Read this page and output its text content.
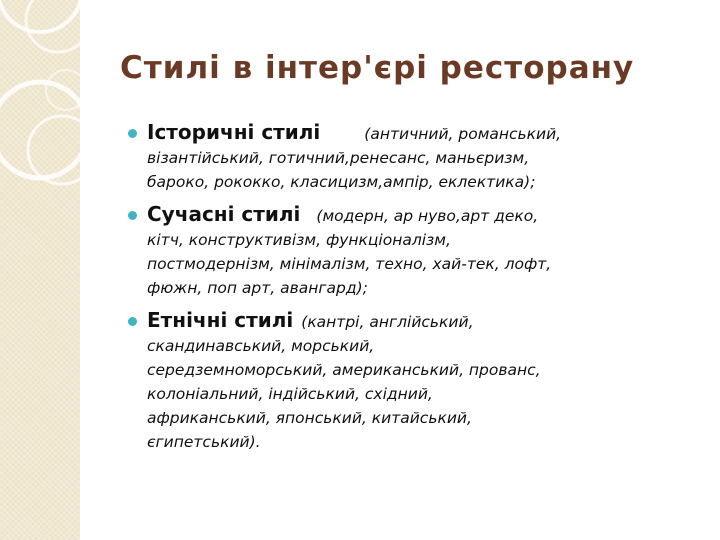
Стилі в інтер'єрі ресторану
Історичні стилі	(античний, романський,
візантійський, готичний,ренесанс, маньєризм,
бароко, рококко, класицизм,ампір, еклектика);
Сучасні стилі (модерн, ар нуво,арт деко,
кітч, конструктивізм, функціоналізм,
постмодернізм, мінімалізм, техно, хай-тек, лофт,
фюжн, поп арт, авангард);
Етнічні стилі (кантрі, англійський,
скандинавський, морський,
середземноморський, американський, прованс,
колоніальний, індійський, східний,
африканський, японський, китайський,
єгипетський).
